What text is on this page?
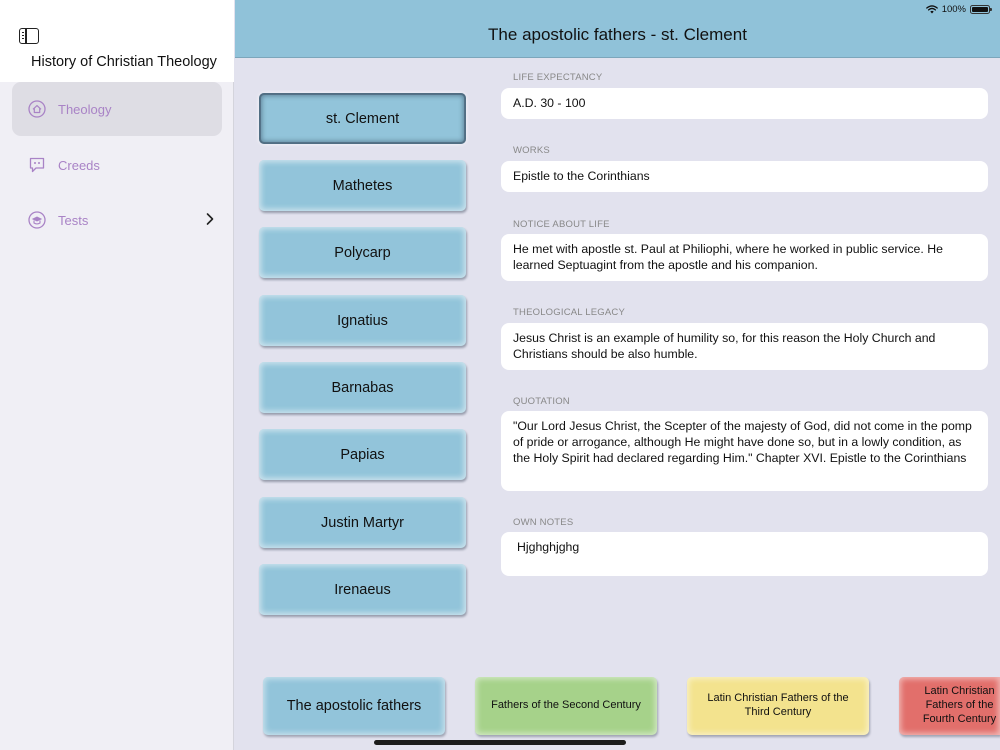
History of Christian Theology
Theology
Creeds
Tests
100%
The apostolic fathers - st. Clement
st. Clement
Mathetes
Polycarp
Ignatius
Barnabas
Papias
Justin Martyr
Irenaeus
LIFE EXPECTANCY
A.D. 30 - 100
WORKS
Epistle to the Corinthians
NOTICE ABOUT LIFE
He met with apostle st. Paul at Philiophi, where he worked in public service. He learned Septuagint from the apostle and his companion.
THEOLOGICAL LEGACY
Jesus Christ is an example of humility so, for this reason the Holy Church and Christians should be also humble.
QUOTATION
"Our Lord Jesus Christ, the Scepter of the majesty of God, did not come in the pomp of pride or arrogance, although He might have done so, but in a lowly condition, as the Holy Spirit had declared regarding Him." Chapter XVI. Epistle to the Corinthians
OWN NOTES
Hjghghjghg
The apostolic fathers	Fathers of the Second Century
Latin Christian Fathers of the Third Century
Latin Christian Fathers of the Fourth Century
